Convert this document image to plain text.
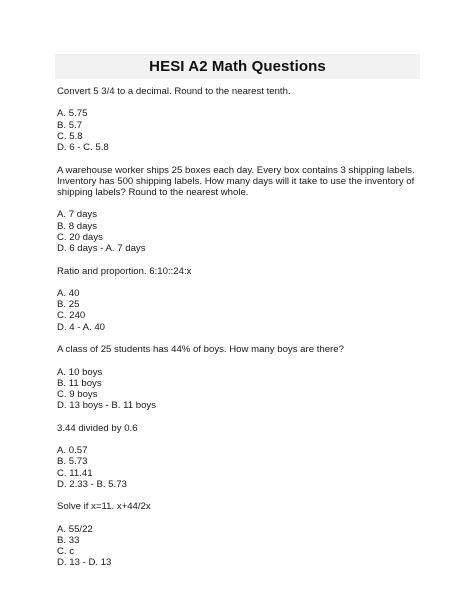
HESI A2 Math Questions
Convert 5 3/4 to a decimal. Round to the nearest tenth.
A. 5.75
B. 5.7
C. 5.8
D. 6 - C. 5.8
A warehouse worker ships 25 boxes each day. Every box contains 3 shipping labels. Inventory has 500 shipping labels. How many days will it take to use the inventory of shipping labels? Round to the nearest whole.
A. 7 days
B. 8 days
C. 20 days
D. 6 days - A. 7 days
Ratio and proportion. 6:10::24:x
A. 40
B. 25
C. 240
D. 4 - A. 40
A class of 25 students has 44% of boys. How many boys are there?
A. 10 boys
B. 11 boys
C. 9 boys
D. 13 boys - B. 11 boys
3.44 divided by 0.6
A. 0.57
B. 5.73
C. 11.41
D. 2.33 - B. 5.73
Solve if x=11. x+44/2x
A. 55/22
B. 33
C. c
D. 13 - D. 13
